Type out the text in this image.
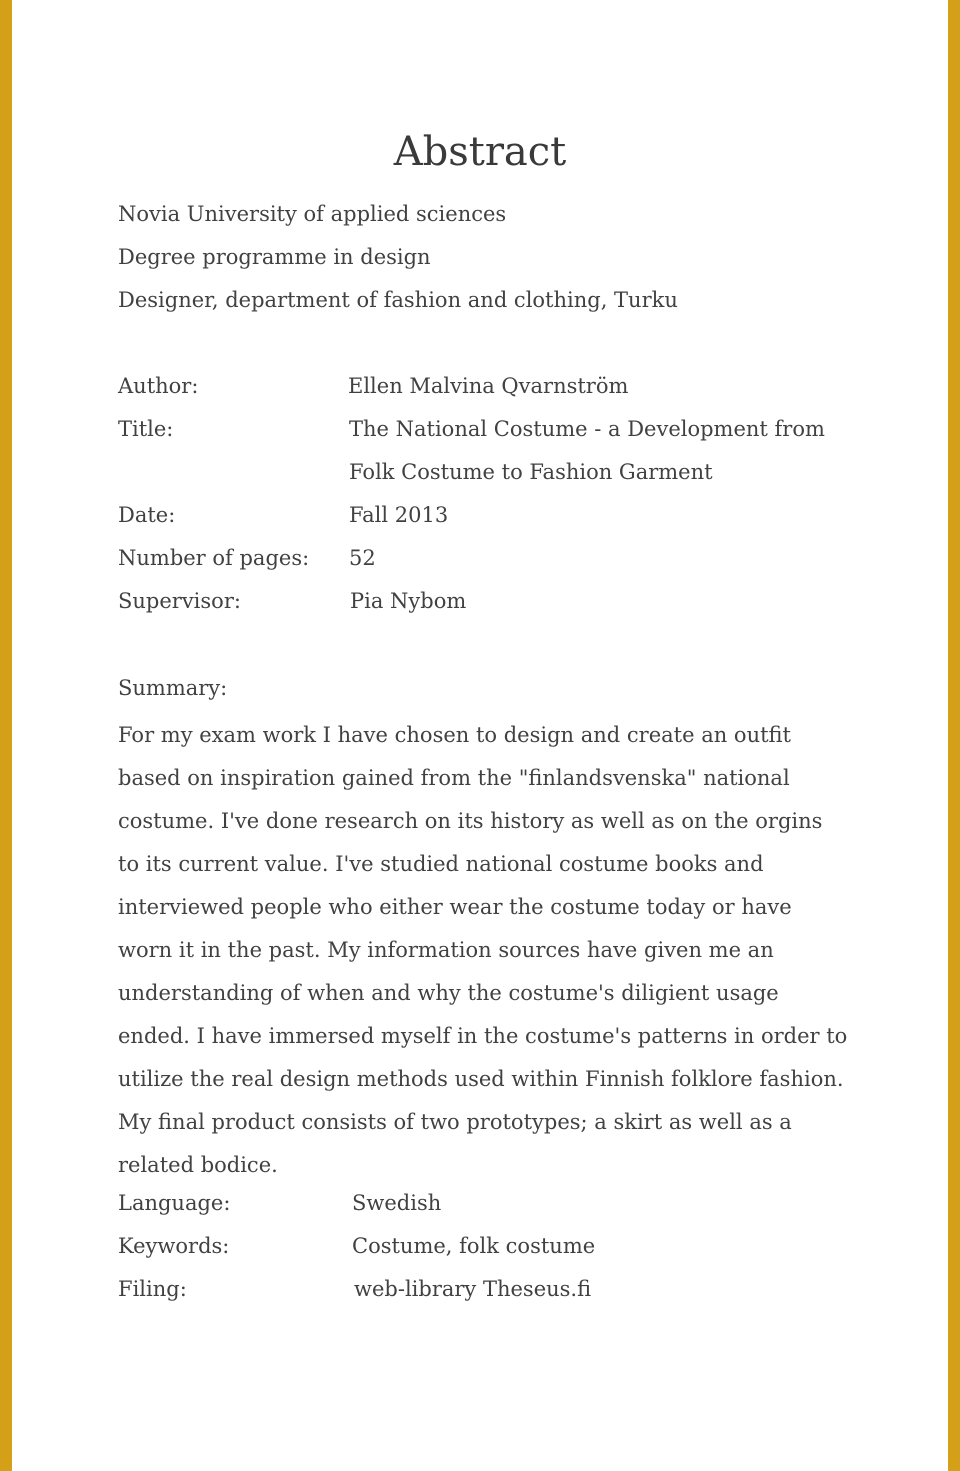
Abstract

Novia University of applied sciences

Degree programme in design

Designer, department of fashion and clothing, Turku

Author:	Ellen Malvina Qvarnström

Title:	The National Costume - a Development from

Folk Costume to Fashion Garment

Date:	Fall 2013

Number of pages: 52

Supervisor:	Pia Nybom

Summary:

For my exam work I have chosen to design and create an outfit based on inspiration gained from the "finlandsvenska" national costume. I've done research on its history as well as on the orgins to its current value. I've studied national costume books and interviewed people who either wear the costume today or have worn it in the past. My information sources have given me an understanding of when and why the costume's diligient usage ended. I have immersed myself in the costume's patterns in order to utilize the real design methods used within Finnish folklore fashion. My final product consists of two prototypes; a skirt as well as a related bodice.

Language:	Swedish

Keywords:	Costume, folk costume

Filing:	web-library Theseus.fi
